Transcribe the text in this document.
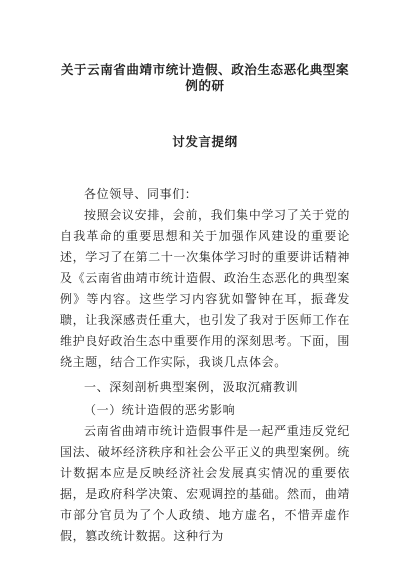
关于云南省曲靖市统计造假、政治生态恶化典型案例的研
讨发言提纲

各位领导、同事们：

按照会议安排，会前，我们集中学习了关于党的自我革命的重要思想和关于加强作风建设的重要论述，学习了在第二十一次集体学习时的重要讲话精神及《云南省曲靖市统计造假、政治生态恶化的典型案例》等内容。这些学习内容犹如警钟在耳，振聋发聩，让我深感责任重大，也引发了我对于医师工作在维护良好政治生态中重要作用的深刻思考。下面，围绕主题，结合工作实际，我谈几点体会。

一、深刻剖析典型案例，汲取沉痛教训

（一）统计造假的恶劣影响

云南省曲靖市统计造假事件是一起严重违反党纪国法、破坏经济秩序和社会公平正义的典型案例。统计数据本应是反映经济社会发展真实情况的重要依据，是政府科学决策、宏观调控的基础。然而，曲靖市部分官员为了个人政绩、地方虚名，不惜弄虚作假，篡改统计数据。这种行为
